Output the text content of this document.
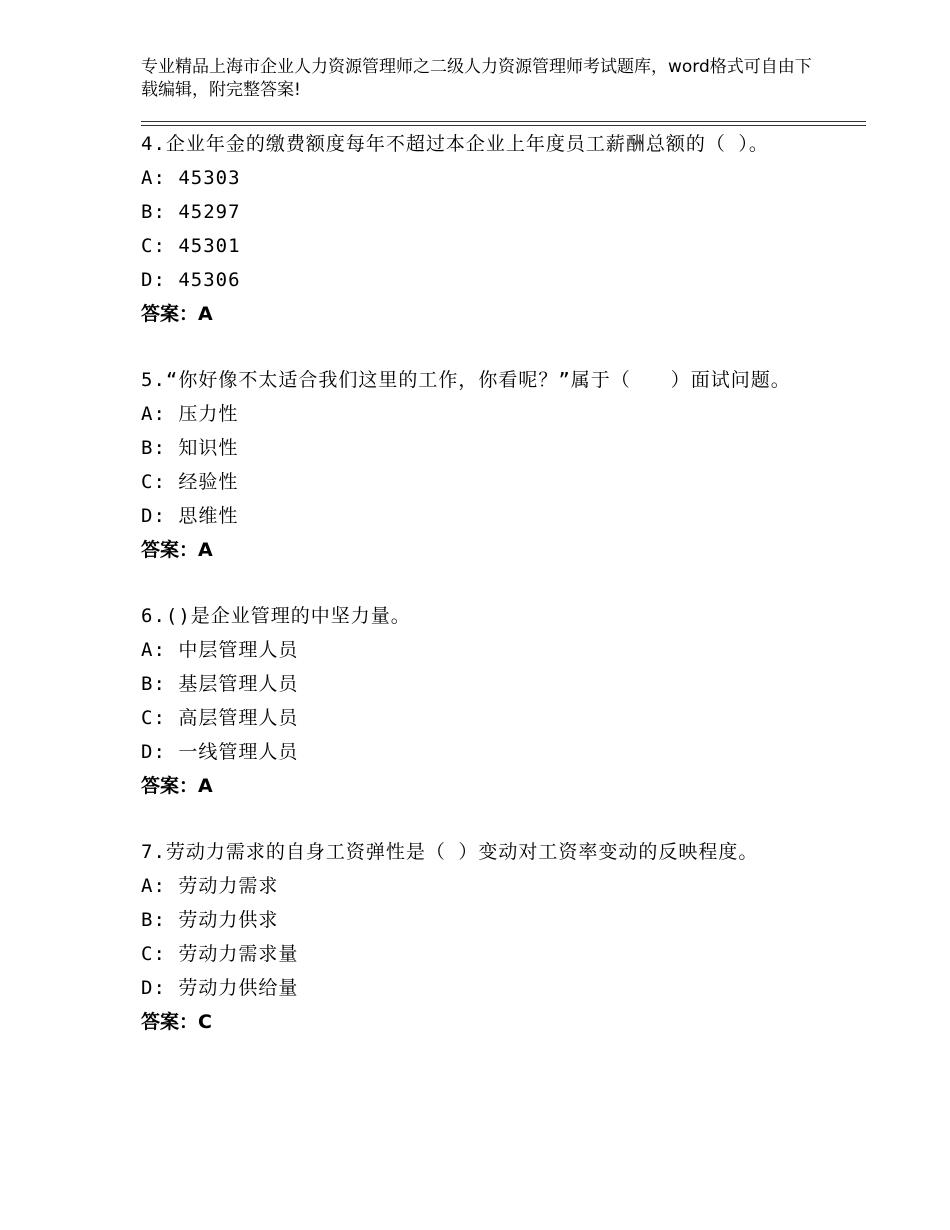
专业精品上海市企业人力资源管理师之二级人力资源管理师考试题库，word格式可自由下载编辑，附完整答案!

4.企业年金的缴费额度每年不超过本企业上年度员工薪酬总额的（ ）。

A: 45303

B: 45297

C: 45301

D: 45306

答案：A

5.“你好像不太适合我们这里的工作，你看呢？”属于（　　）面试问题。

A: 压力性

B: 知识性

C: 经验性

D: 思维性

答案：A

6.()是企业管理的中坚力量。

A: 中层管理人员

B: 基层管理人员

C: 高层管理人员

D: 一线管理人员

答案：A

7.劳动力需求的自身工资弹性是（ ）变动对工资率变动的反映程度。

A: 劳动力需求

B: 劳动力供求

C: 劳动力需求量

D: 劳动力供给量

答案：C
